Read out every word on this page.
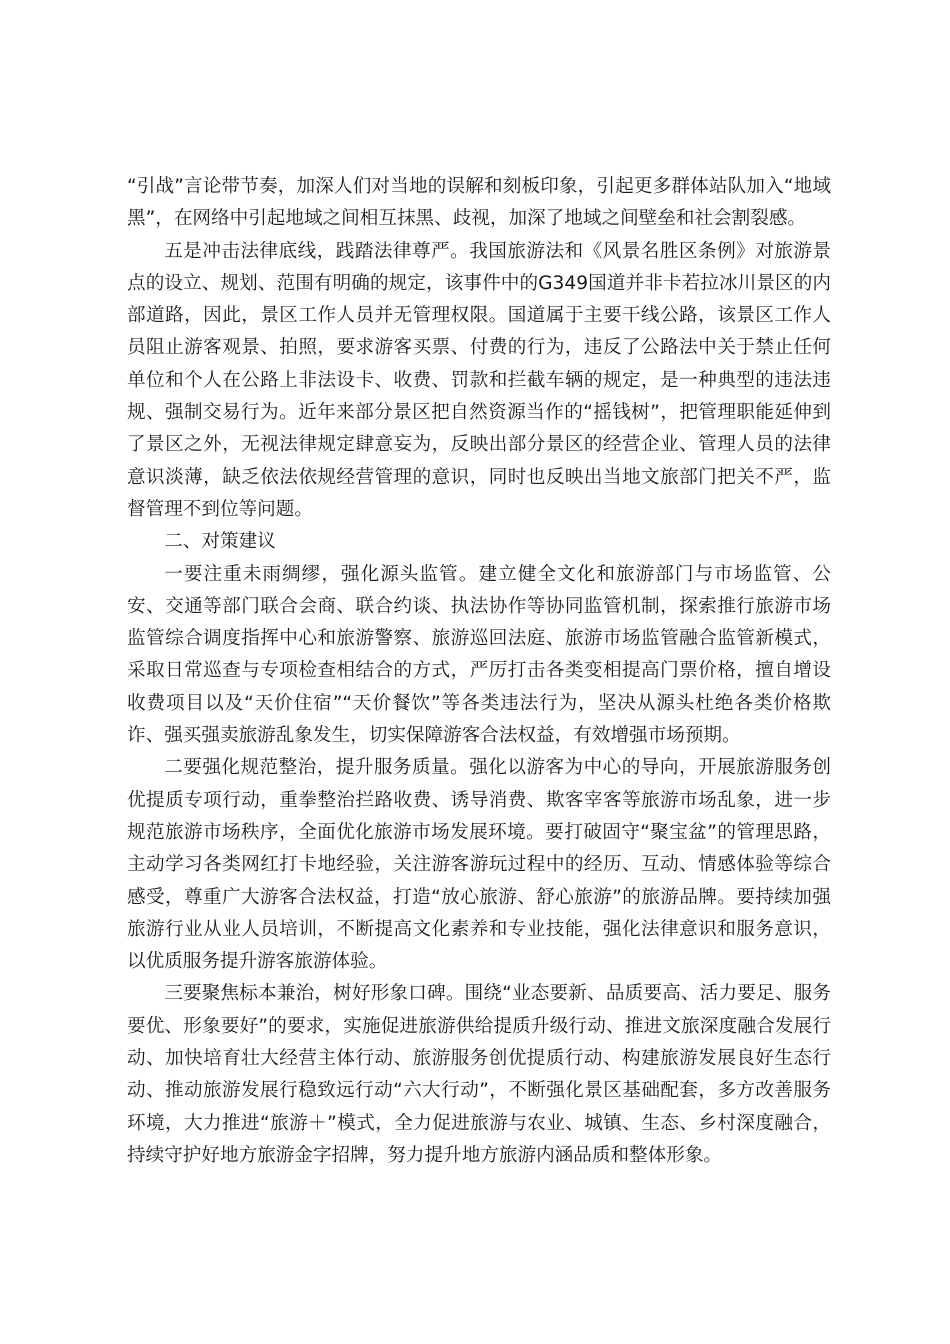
“引战”言论带节奏，加深人们对当地的误解和刻板印象，引起更多群体站队加入“地域黑”，在网络中引起地域之间相互抹黑、歧视，加深了地域之间壁垒和社会割裂感。

五是冲击法律底线，践踏法律尊严。我国旅游法和《风景名胜区条例》对旅游景点的设立、规划、范围有明确的规定，该事件中的G349国道并非卡若拉冰川景区的内部道路，因此，景区工作人员并无管理权限。国道属于主要干线公路，该景区工作人员阻止游客观景、拍照，要求游客买票、付费的行为，违反了公路法中关于禁止任何单位和个人在公路上非法设卡、收费、罚款和拦截车辆的规定，是一种典型的违法违规、强制交易行为。近年来部分景区把自然资源当作的“摇钱树”，把管理职能延伸到了景区之外，无视法律规定肆意妄为，反映出部分景区的经营企业、管理人员的法律意识淡薄，缺乏依法依规经营管理的意识，同时也反映出当地文旅部门把关不严，监督管理不到位等问题。

二、对策建议

一要注重未雨绸缪，强化源头监管。建立健全文化和旅游部门与市场监管、公安、交通等部门联合会商、联合约谈、执法协作等协同监管机制，探索推行旅游市场监管综合调度指挥中心和旅游警察、旅游巡回法庭、旅游市场监管融合监管新模式，采取日常巡查与专项检查相结合的方式，严厉打击各类变相提高门票价格，擅自增设收费项目以及“天价住宿”“天价餐饮”等各类违法行为，坚决从源头杜绝各类价格欺诈、强买强卖旅游乱象发生，切实保障游客合法权益，有效增强市场预期。

二要强化规范整治，提升服务质量。强化以游客为中心的导向，开展旅游服务创优提质专项行动，重拳整治拦路收费、诱导消费、欺客宰客等旅游市场乱象，进一步规范旅游市场秩序，全面优化旅游市场发展环境。要打破固守“聚宝盆”的管理思路，主动学习各类网红打卡地经验，关注游客游玩过程中的经历、互动、情感体验等综合感受，尊重广大游客合法权益，打造“放心旅游、舒心旅游”的旅游品牌。要持续加强旅游行业从业人员培训，不断提高文化素养和专业技能，强化法律意识和服务意识，以优质服务提升游客旅游体验。

三要聚焦标本兼治，树好形象口碑。围绕“业态要新、品质要高、活力要足、服务要优、形象要好”的要求，实施促进旅游供给提质升级行动、推进文旅深度融合发展行动、加快培育壮大经营主体行动、旅游服务创优提质行动、构建旅游发展良好生态行动、推动旅游发展行稳致远行动“六大行动”，不断强化景区基础配套，多方改善服务环境，大力推进“旅游＋”模式，全力促进旅游与农业、城镇、生态、乡村深度融合，持续守护好地方旅游金字招牌，努力提升地方旅游内涵品质和整体形象。
